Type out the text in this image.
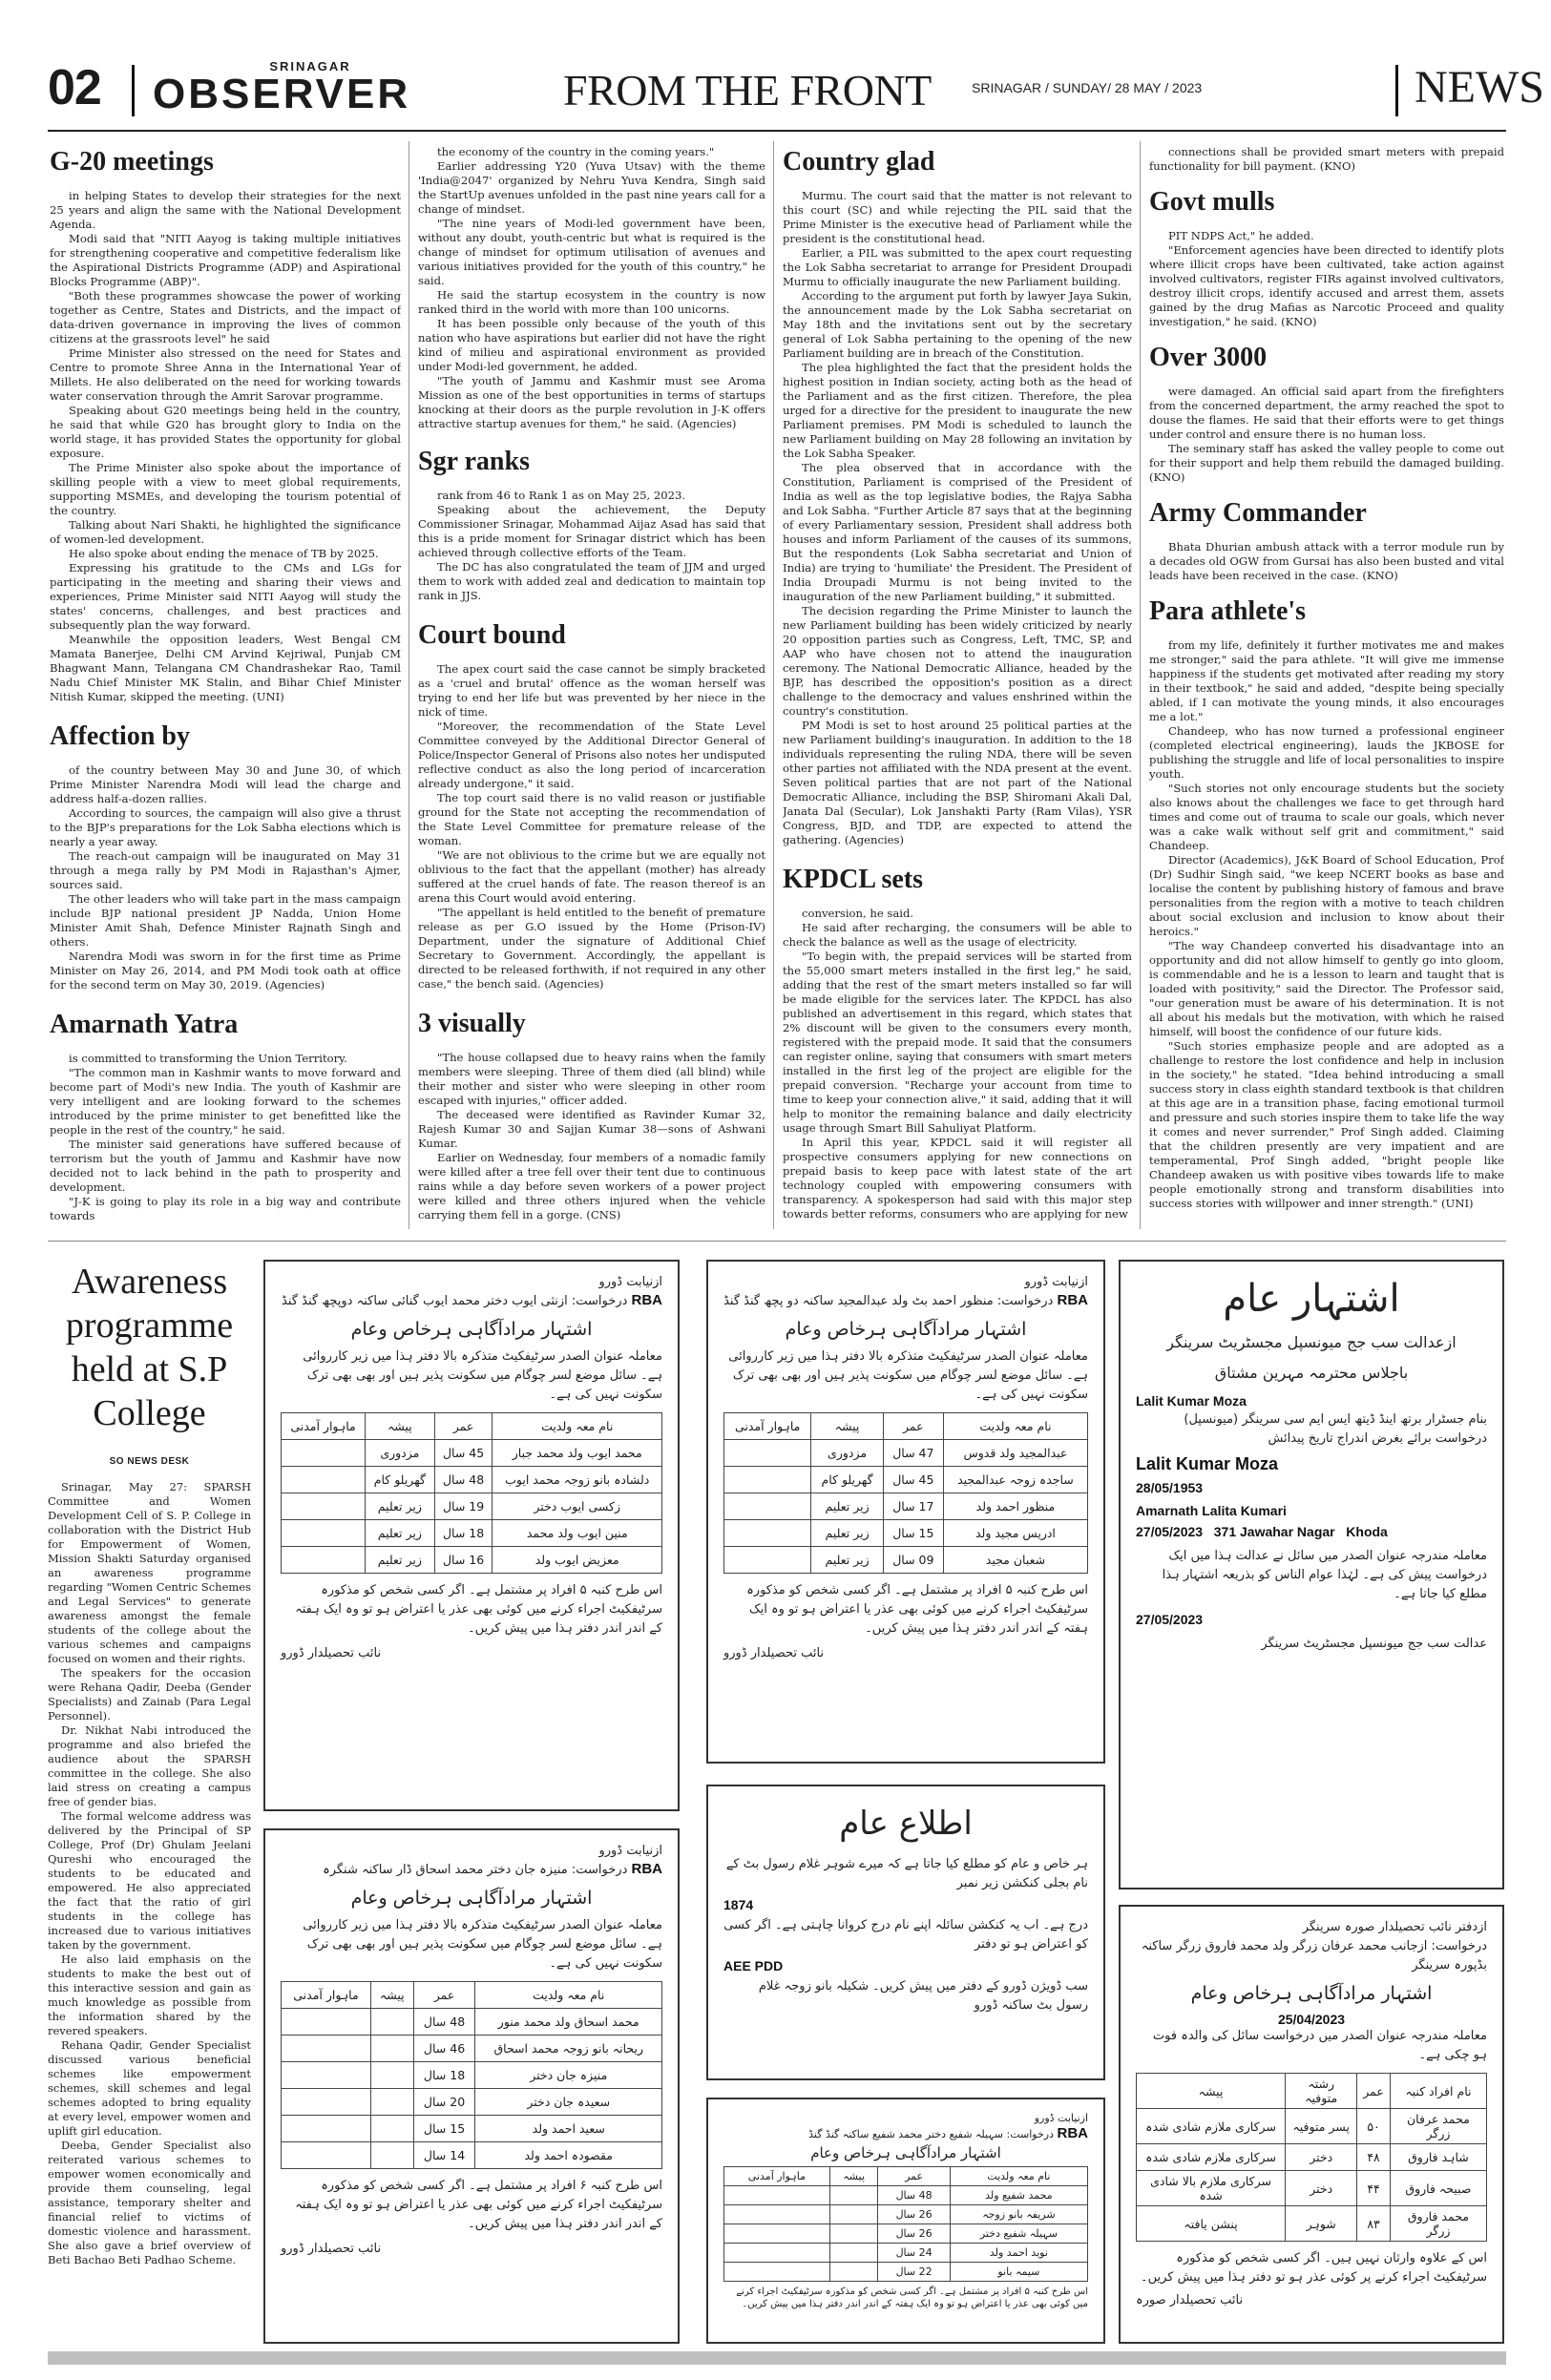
02	SRINAGAR
OBSERVER	FROM THE FRONT	SRINAGAR / SUNDAY/ 28 MAY / 2023	NEWS
G-20 meetings

in helping States to develop their strategies for the next 25 years and align the same with the National Development Agenda.

Modi said that "NITI Aayog is taking multiple initiatives for strengthening cooperative and competitive federalism like the Aspirational Districts Programme (ADP) and Aspirational Blocks Programme (ABP)".

"Both these programmes showcase the power of working together as Centre, States and Districts, and the impact of data-driven governance in improving the lives of common citizens at the grassroots level" he said

Prime Minister also stressed on the need for States and Centre to promote Shree Anna in the International Year of Millets. He also deliberated on the need for working towards water conservation through the Amrit Sarovar programme.

Speaking about G20 meetings being held in the country, he said that while G20 has brought glory to India on the world stage, it has provided States the opportunity for global exposure.

The Prime Minister also spoke about the importance of skilling people with a view to meet global requirements, supporting MSMEs, and developing the tourism potential of the country.

Talking about Nari Shakti, he highlighted the significance of women-led development.

He also spoke about ending the menace of TB by 2025.

Expressing his gratitude to the CMs and LGs for participating in the meeting and sharing their views and experiences, Prime Minister said NITI Aayog will study the states' concerns, challenges, and best practices and subsequently plan the way forward.

Meanwhile the opposition leaders, West Bengal CM Mamata Banerjee, Delhi CM Arvind Kejriwal, Punjab CM Bhagwant Mann, Telangana CM Chandrashekar Rao, Tamil Nadu Chief Minister MK Stalin, and Bihar Chief Minister Nitish Kumar, skipped the meeting. (UNI)

Affection by

of the country between May 30 and June 30, of which Prime Minister Narendra Modi will lead the charge and address half-a-dozen rallies.

According to sources, the campaign will also give a thrust to the BJP's preparations for the Lok Sabha elections which is nearly a year away.

The reach-out campaign will be inaugurated on May 31 through a mega rally by PM Modi in Rajasthan's Ajmer, sources said.

The other leaders who will take part in the mass campaign include BJP national president JP Nadda, Union Home Minister Amit Shah, Defence Minister Rajnath Singh and others.

Narendra Modi was sworn in for the first time as Prime Minister on May 26, 2014, and PM Modi took oath at office for the second term on May 30, 2019. (Agencies)

Amarnath Yatra

is committed to transforming the Union Territory.

"The common man in Kashmir wants to move forward and become part of Modi's new India. The youth of Kashmir are very intelligent and are looking forward to the schemes introduced by the prime minister to get benefitted like the people in the rest of the country," he said.

The minister said generations have suffered because of terrorism but the youth of Jammu and Kashmir have now decided not to lack behind in the path to prosperity and development.

"J-K is going to play its role in a big way and contribute towards

the economy of the country in the coming years."

Earlier addressing Y20 (Yuva Utsav) with the theme 'India@2047' organized by Nehru Yuva Kendra, Singh said the StartUp avenues unfolded in the past nine years call for a change of mindset.

"The nine years of Modi-led government have been, without any doubt, youth-centric but what is required is the change of mindset for optimum utilisation of avenues and various initiatives provided for the youth of this country," he said.

He said the startup ecosystem in the country is now ranked third in the world with more than 100 unicorns.

It has been possible only because of the youth of this nation who have aspirations but earlier did not have the right kind of milieu and aspirational environment as provided under Modi-led government, he added.

"The youth of Jammu and Kashmir must see Aroma Mission as one of the best opportunities in terms of startups knocking at their doors as the purple revolution in J-K offers attractive startup avenues for them," he said. (Agencies)

Sgr ranks

rank from 46 to Rank 1 as on May 25, 2023.

Speaking about the achievement, the Deputy Commissioner Srinagar, Mohammad Aijaz Asad has said that this is a pride moment for Srinagar district which has been achieved through collective efforts of the Team.

The DC has also congratulated the team of JJM and urged them to work with added zeal and dedication to maintain top rank in JJS.

Court bound

The apex court said the case cannot be simply bracketed as a 'cruel and brutal' offence as the woman herself was trying to end her life but was prevented by her niece in the nick of time.

"Moreover, the recommendation of the State Level Committee conveyed by the Additional Director General of Police/Inspector General of Prisons also notes her undisputed reflective conduct as also the long period of incarceration already undergone," it said.

The top court said there is no valid reason or justifiable ground for the State not accepting the recommendation of the State Level Committee for premature release of the woman.

"We are not oblivious to the crime but we are equally not oblivious to the fact that the appellant (mother) has already suffered at the cruel hands of fate. The reason thereof is an arena this Court would avoid entering.

"The appellant is held entitled to the benefit of premature release as per G.O issued by the Home (Prison-IV) Department, under the signature of Additional Chief Secretary to Government. Accordingly, the appellant is directed to be released forthwith, if not required in any other case," the bench said. (Agencies)

3 visually

"The house collapsed due to heavy rains when the family members were sleeping. Three of them died (all blind) while their mother and sister who were sleeping in other room escaped with injuries," officer added.

The deceased were identified as Ravinder Kumar 32, Rajesh Kumar 30 and Sajjan Kumar 38—sons of Ashwani Kumar.

Earlier on Wednesday, four members of a nomadic family were killed after a tree fell over their tent due to continuous rains while a day before seven workers of a power project were killed and three others injured when the vehicle carrying them fell in a gorge. (CNS)

Country glad

Murmu. The court said that the matter is not relevant to this court (SC) and while rejecting the PIL said that the Prime Minister is the executive head of Parliament while the president is the constitutional head.

Earlier, a PIL was submitted to the apex court requesting the Lok Sabha secretariat to arrange for President Droupadi Murmu to officially inaugurate the new Parliament building.

According to the argument put forth by lawyer Jaya Sukin, the announcement made by the Lok Sabha secretariat on May 18th and the invitations sent out by the secretary general of Lok Sabha pertaining to the opening of the new Parliament building are in breach of the Constitution.

The plea highlighted the fact that the president holds the highest position in Indian society, acting both as the head of the Parliament and as the first citizen. Therefore, the plea urged for a directive for the president to inaugurate the new Parliament premises. PM Modi is scheduled to launch the new Parliament building on May 28 following an invitation by the Lok Sabha Speaker.

The plea observed that in accordance with the Constitution, Parliament is comprised of the President of India as well as the top legislative bodies, the Rajya Sabha and Lok Sabha. "Further Article 87 says that at the beginning of every Parliamentary session, President shall address both houses and inform Parliament of the causes of its summons, But the respondents (Lok Sabha secretariat and Union of India) are trying to 'humiliate' the President. The President of India Droupadi Murmu is not being invited to the inauguration of the new Parliament building," it submitted.

The decision regarding the Prime Minister to launch the new Parliament building has been widely criticized by nearly 20 opposition parties such as Congress, Left, TMC, SP, and AAP who have chosen not to attend the inauguration ceremony. The National Democratic Alliance, headed by the BJP, has described the opposition's position as a direct challenge to the democracy and values enshrined within the country's constitution.

PM Modi is set to host around 25 political parties at the new Parliament building's inauguration. In addition to the 18 individuals representing the ruling NDA, there will be seven other parties not affiliated with the NDA present at the event. Seven political parties that are not part of the National Democratic Alliance, including the BSP, Shiromani Akali Dal, Janata Dal (Secular), Lok Janshakti Party (Ram Vilas), YSR Congress, BJD, and TDP, are expected to attend the gathering. (Agencies)

KPDCL sets

conversion, he said.

He said after recharging, the consumers will be able to check the balance as well as the usage of electricity.

"To begin with, the prepaid services will be started from the 55,000 smart meters installed in the first leg," he said, adding that the rest of the smart meters installed so far will be made eligible for the services later. The KPDCL has also published an advertisement in this regard, which states that 2% discount will be given to the consumers every month, registered with the prepaid mode. It said that the consumers can register online, saying that consumers with smart meters installed in the first leg of the project are eligible for the prepaid conversion. "Recharge your account from time to time to keep your connection alive," it said, adding that it will help to monitor the remaining balance and daily electricity usage through Smart Bill Sahuliyat Platform.

In April this year, KPDCL said it will register all prospective consumers applying for new connections on prepaid basis to keep pace with latest state of the art technology coupled with empowering consumers with transparency. A spokesperson had said with this major step towards better reforms, consumers who are applying for new

connections shall be provided smart meters with prepaid functionality for bill payment. (KNO)

Govt mulls

PIT NDPS Act," he added.

"Enforcement agencies have been directed to identify plots where illicit crops have been cultivated, take action against involved cultivators, register FIRs against involved cultivators, destroy illicit crops, identify accused and arrest them, assets gained by the drug Mafias as Narcotic Proceed and quality investigation," he said. (KNO)

Over 3000

were damaged. An official said apart from the firefighters from the concerned department, the army reached the spot to douse the flames. He said that their efforts were to get things under control and ensure there is no human loss.

The seminary staff has asked the valley people to come out for their support and help them rebuild the damaged building. (KNO)

Army Commander

Bhata Dhurian ambush attack with a terror module run by a decades old OGW from Gursai has also been busted and vital leads have been received in the case. (KNO)

Para athlete's

from my life, definitely it further motivates me and makes me stronger," said the para athlete. "It will give me immense happiness if the students get motivated after reading my story in their textbook," he said and added, "despite being specially abled, if I can motivate the young minds, it also encourages me a lot."

Chandeep, who has now turned a professional engineer (completed electrical engineering), lauds the JKBOSE for publishing the struggle and life of local personalities to inspire youth.

"Such stories not only encourage students but the society also knows about the challenges we face to get through hard times and come out of trauma to scale our goals, which never was a cake walk without self grit and commitment," said Chandeep.

Director (Academics), J&K Board of School Education, Prof (Dr) Sudhir Singh said, "we keep NCERT books as base and localise the content by publishing history of famous and brave personalities from the region with a motive to teach children about social exclusion and inclusion to know about their heroics."

"The way Chandeep converted his disadvantage into an opportunity and did not allow himself to gently go into gloom, is commendable and he is a lesson to learn and taught that is loaded with positivity," said the Director. The Professor said, "our generation must be aware of his determination. It is not all about his medals but the motivation, with which he raised himself, will boost the confidence of our future kids.

"Such stories emphasize people and are adopted as a challenge to restore the lost confidence and help in inclusion in the society," he stated. "Idea behind introducing a small success story in class eighth standard textbook is that children at this age are in a transition phase, facing emotional turmoil and pressure and such stories inspire them to take life the way it comes and never surrender," Prof Singh added. Claiming that the children presently are very impatient and are temperamental, Prof Singh added, "bright people like Chandeep awaken us with positive vibes towards life to make people emotionally strong and transform disabilities into success stories with willpower and inner strength." (UNI)

Awareness programme held at S.P College
SO NEWS DESK

Srinagar, May 27: SPARSH Committee and Women Development Cell of S. P. College in collaboration with the District Hub for Empowerment of Women, Mission Shakti Saturday organised an awareness programme regarding "Women Centric Schemes and Legal Services" to generate awareness amongst the female students of the college about the various schemes and campaigns focused on women and their rights.

The speakers for the occasion were Rehana Qadir, Deeba (Gender Specialists) and Zainab (Para Legal Personnel).

Dr. Nikhat Nabi introduced the programme and also briefed the audience about the SPARSH committee in the college. She also laid stress on creating a campus free of gender bias.

The formal welcome address was delivered by the Principal of SP College, Prof (Dr) Ghulam Jeelani Qureshi who encouraged the students to be educated and empowered. He also appreciated the fact that the ratio of girl students in the college has increased due to various initiatives taken by the government.

He also laid emphasis on the students to make the best out of this interactive session and gain as much knowledge as possible from the information shared by the revered speakers.

Rehana Qadir, Gender Specialist discussed various beneficial schemes like empowerment schemes, skill schemes and legal schemes adopted to bring equality at every level, empower women and uplift girl education.

Deeba, Gender Specialist also reiterated various schemes to empower women economically and provide them counseling, legal assistance, temporary shelter and financial relief to victims of domestic violence and harassment. She also gave a brief overview of Beti Bachao Beti Padhao Scheme.

ازنیابت ڈورو
RBA درخواست: ازنثی ایوب دختر محمد ایوب گنائی ساکنہ دوپچھ گنڈ گنڈ
اشتہار مرادآگاہی ہرخاص وعام
معاملہ عنوان الصدر سرٹیفکیٹ متذکرہ بالا دفتر ہذا میں زیر کارروائی ہے۔ سائل موضع لسر چوگام میں سکونت پذیر ہیں اور بھی بھی ترک سکونت نہیں کی ہے۔
نام معہ ولدیت	عمر	پیشہ	ماہوار آمدنی
محمد ایوب ولد محمد جبار	45 سال	مزدوری	
دلشادہ بانو زوجہ محمد ایوب	48 سال	گھریلو کام	
زکسی ایوب دختر	19 سال	زیر تعلیم	
منین ایوب ولد محمد	18 سال	زیر تعلیم	
معزیض ایوب ولد	16 سال	زیر تعلیم	
اس طرح کنبہ ۵ افراد پر مشتمل ہے۔ اگر کسی شخص کو مذکورہ سرٹیفکیٹ اجراء کرنے میں کوئی بھی عذر یا اعتراض ہو تو وہ ایک ہفتہ کے اندر اندر دفتر ہذا میں پیش کریں۔
نائب تحصیلدار ڈورو
ازنیابت ڈورو
RBA درخواست: منظور احمد بٹ ولد عبدالمجید ساکنہ دو پچھ گنڈ گنڈ
اشتہار مرادآگاہی ہرخاص وعام
معاملہ عنوان الصدر سرٹیفکیٹ متذکرہ بالا دفتر ہذا میں زیر کارروائی ہے۔ سائل موضع لسر چوگام میں سکونت پذیر ہیں اور بھی بھی ترک سکونت نہیں کی ہے۔
نام معہ ولدیت	عمر	پیشہ	ماہوار آمدنی
عبدالمجید ولد قدوس	47 سال	مزدوری	
ساجدہ زوجہ عبدالمجید	45 سال	گھریلو کام	
منظور احمد ولد	17 سال	زیر تعلیم	
ادریس مجید ولد	15 سال	زیر تعلیم	
شعبان مجید	09 سال	زیر تعلیم	
اس طرح کنبہ ۵ افراد پر مشتمل ہے۔ اگر کسی شخص کو مذکورہ سرٹیفکیٹ اجراء کرنے میں کوئی بھی عذر یا اعتراض ہو تو وہ ایک ہفتہ کے اندر اندر دفتر ہذا میں پیش کریں۔
نائب تحصیلدار ڈورو
اشتہار عام
ازعدالت سب جج میونسپل مجسٹریٹ سرینگر
باجلاس محترمہ مہرین مشتاق
Lalit Kumar Moza
بنام جسٹرار برتھ اینڈ ڈیتھ ایس ایم سی سرینگر (میونسپل)
درخواست برائے بغرض اندراج تاریخ پیدائش
Lalit Kumar Moza
28/05/1953
Amarnath Lalita Kumari
27/05/2023 371 Jawahar Nagar Khoda
معاملہ مندرجہ عنوان الصدر میں سائل نے عدالت ہذا میں ایک درخواست پیش کی ہے۔ لہٰذا عوام الناس کو بذریعہ اشتہار ہذا مطلع کیا جاتا ہے۔
27/05/2023
عدالت سب جج میونسپل مجسٹریٹ سرینگر
اطلاع عام
ہر خاص و عام کو مطلع کیا جاتا ہے کہ میرے شوہر غلام رسول بٹ کے نام بجلی کنکشن زیر نمبر
1874
درج ہے۔ اب یہ کنکشن سائلہ اپنے نام درج کروانا چاہتی ہے۔ اگر کسی کو اعتراض ہو تو دفتر
AEE PDD
سب ڈویژن ڈورو کے دفتر میں پیش کریں۔ شکیلہ بانو زوجہ غلام رسول بٹ ساکنہ ڈورو
ازنیابت ڈورو
RBA درخواست: منیزہ جان دختر محمد اسحاق ڈار ساکنہ شنگرہ
اشتہار مرادآگاہی ہرخاص وعام
معاملہ عنوان الصدر سرٹیفکیٹ متذکرہ بالا دفتر ہذا میں زیر کارروائی ہے۔ سائل موضع لسر چوگام میں سکونت پذیر ہیں اور بھی بھی ترک سکونت نہیں کی ہے۔
نام معہ ولدیت	عمر	پیشہ	ماہوار آمدنی
محمد اسحاق ولد محمد منور	48 سال		
ریحانہ بانو زوجہ محمد اسحاق	46 سال		
منیزہ جان دختر	18 سال		
سعیدہ جان دختر	20 سال		
سعید احمد ولد	15 سال		
مقصودہ احمد ولد	14 سال		
اس طرح کنبہ ۶ افراد پر مشتمل ہے۔ اگر کسی شخص کو مذکورہ سرٹیفکیٹ اجراء کرنے میں کوئی بھی عذر یا اعتراض ہو تو وہ ایک ہفتہ کے اندر اندر دفتر ہذا میں پیش کریں۔
نائب تحصیلدار ڈورو
ازنیابت ڈورو
RBA درخواست: سہیلہ شفیع دختر محمد شفیع ساکنہ گنڈ گنڈ
اشتہار مرادآگاہی ہرخاص وعام
نام معہ ولدیت	عمر	پیشہ	ماہوار آمدنی
محمد شفیع ولد	48 سال		
شریفہ بانو زوجہ	26 سال		
سہیلہ شفیع دختر	26 سال		
نوید احمد ولد	24 سال		
سیمہ بانو	22 سال		
اس طرح کنبہ ۵ افراد پر مشتمل ہے۔ اگر کسی شخص کو مذکورہ سرٹیفکیٹ اجراء کرنے میں کوئی بھی عذر یا اعتراض ہو تو وہ ایک ہفتہ کے اندر اندر دفتر ہذا میں پیش کریں۔
ازدفتر نائب تحصیلدار صورہ سرینگر
درخواست: ازجانب محمد عرفان زرگر ولد محمد فاروق زرگر ساکنہ بڈپورہ سرینگر
اشتہار مرادآگاہی ہرخاص وعام
25/04/2023
معاملہ مندرجہ عنوان الصدر میں درخواست سائل کی والدہ فوت ہو چکی ہے۔
نام افراد کنبہ	عمر	رشتہ متوفیہ	پیشہ
محمد عرفان زرگر	۵۰	پسر متوفیہ	سرکاری ملازم شادی شدہ
شاہد فاروق	۴۸	دختر	سرکاری ملازم شادی شدہ
صبیحہ فاروق	۴۴	دختر	سرکاری ملازم بالا شادی شدہ
محمد فاروق زرگر	۸۳	شوہر	پنشن یافتہ
اس کے علاوہ وارثان نہیں ہیں۔ اگر کسی شخص کو مذکورہ سرٹیفکیٹ اجراء کرنے پر کوئی عذر ہو تو دفتر ہذا میں پیش کریں۔
نائب تحصیلدار صورہ
